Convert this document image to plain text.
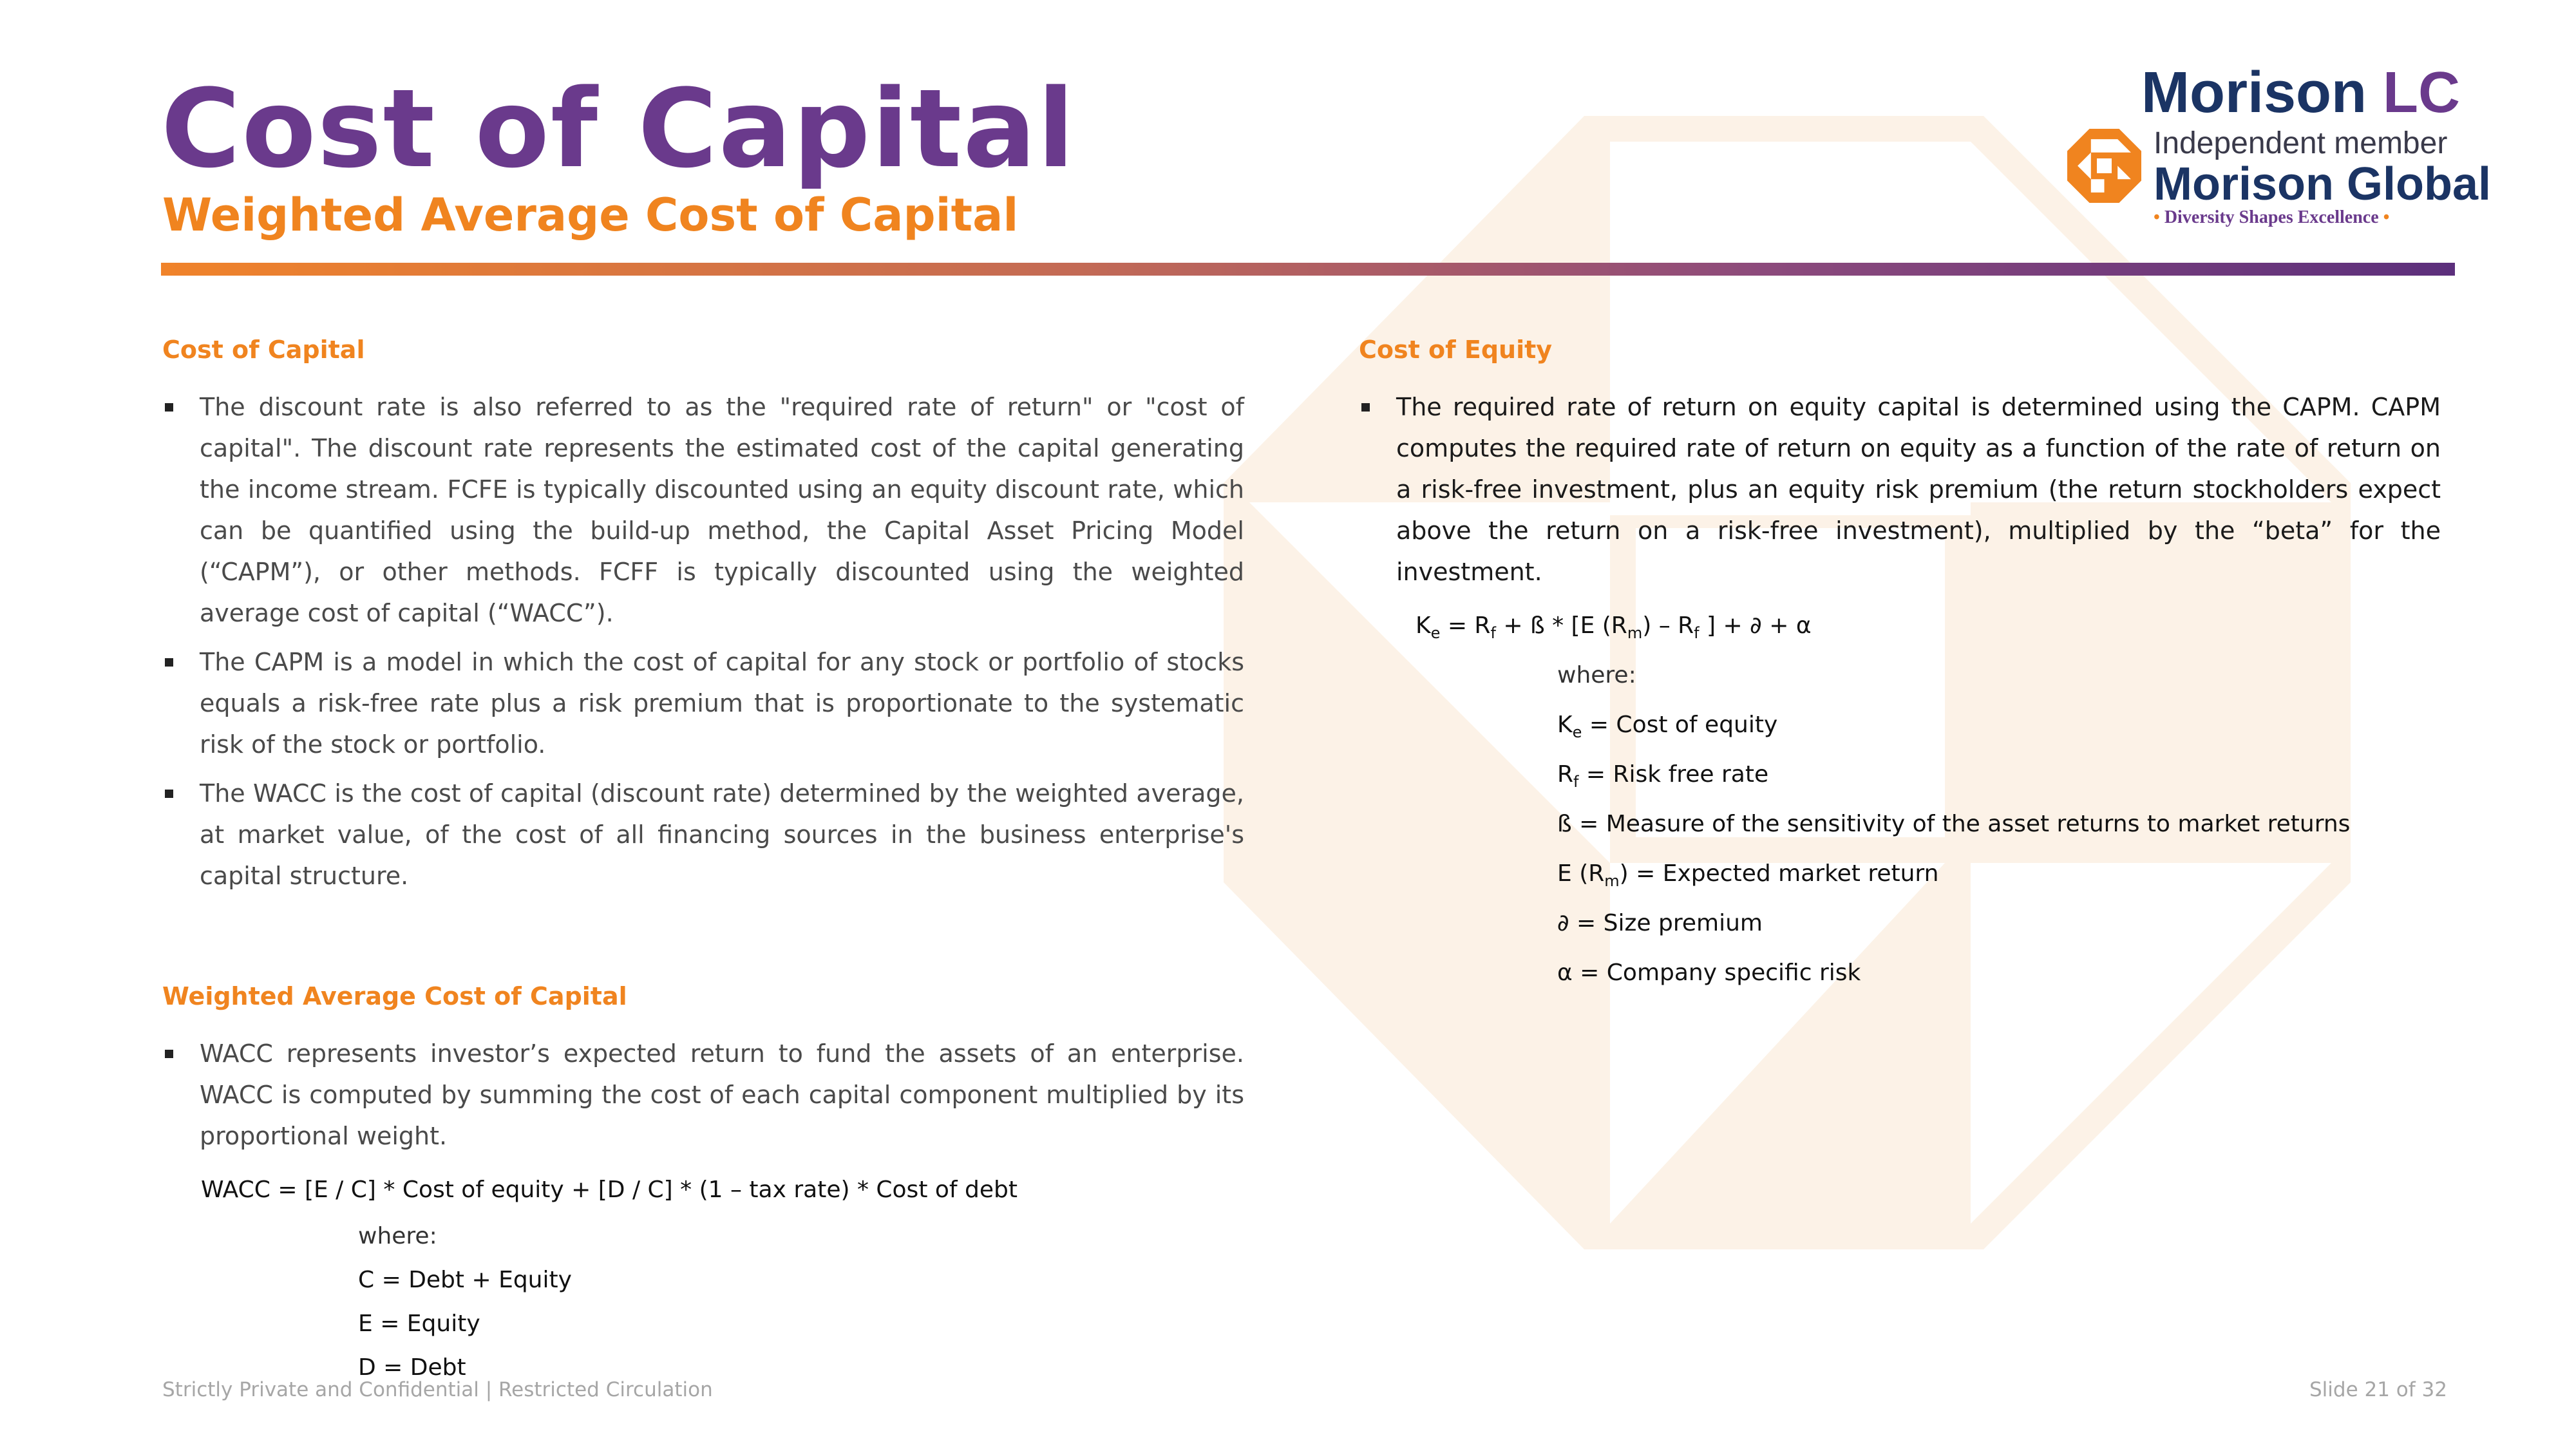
Cost of Capital
Weighted Average Cost of Capital

Morison LC

Independent member

Morison Global

• Diversity Shapes Excellence •

Cost of Capital
The discount rate is also referred to as the "required rate of return" or "cost of capital". The discount rate represents the estimated cost of the capital generating the income stream. FCFE is typically discounted using an equity discount rate, which can be quantified using the build-up method, the Capital Asset Pricing Model (“CAPM”), or other methods. FCFF is typically discounted using the weighted average cost of capital (“WACC”).
The CAPM is a model in which the cost of capital for any stock or portfolio of stocks equals a risk-free rate plus a risk premium that is proportionate to the systematic risk of the stock or portfolio.
The WACC is the cost of capital (discount rate) determined by the weighted average, at market value, of the cost of all financing sources in the business enterprise's capital structure.
Weighted Average Cost of Capital
WACC represents investor’s expected return to fund the assets of an enterprise. WACC is computed by summing the cost of each capital component multiplied by its proportional weight.

WACC = [E / C] * Cost of equity + [D / C] * (1 – tax rate) * Cost of debt

where:
C = Debt + Equity
E = Equity
D = Debt
Cost of Equity
The required rate of return on equity capital is determined using the CAPM. CAPM computes the required rate of return on equity as a function of the rate of return on a risk-free investment, plus an equity risk premium (the return stockholders expect above the return on a risk-free investment), multiplied by the “beta” for the investment.

$K_e = R_f$ + ß * [E $(R_m) - R_f$ ] + ∂ + α

where:
$K_e$ = Cost of equity
$R_f$ = Risk free rate
ß = Measure of the sensitivity of the asset returns to market returns
E $(R_m)$ = Expected market return
∂ = Size premium
α = Company specific risk

Strictly Private and Confidential | Restricted Circulation	Slide 21 of 32
